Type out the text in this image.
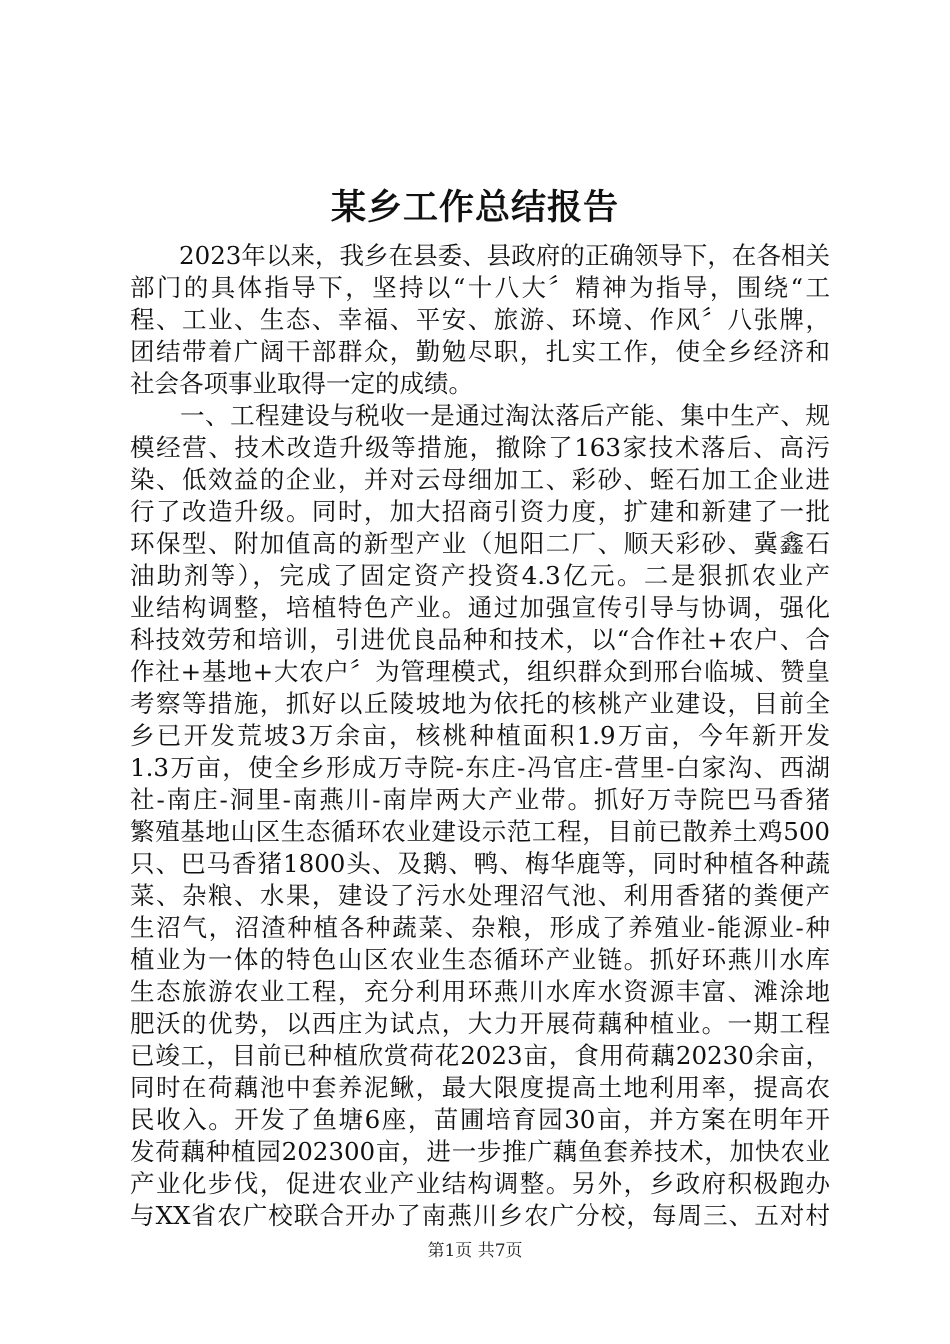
某乡工作总结报告
　　2023年以来，我乡在县委、县政府的正确领导下，在各相关
部门的具体指导下，坚持以“十八大〞精神为指导，围绕“工
程、工业、生态、幸福、平安、旅游、环境、作风〞八张牌，
团结带着广阔干部群众，勤勉尽职，扎实工作，使全乡经济和
社会各项事业取得一定的成绩。
　　一、工程建设与税收一是通过淘汰落后产能、集中生产、规
模经营、技术改造升级等措施，撤除了163家技术落后、高污
染、低效益的企业，并对云母细加工、彩砂、蛭石加工企业进
行了改造升级。同时，加大招商引资力度，扩建和新建了一批
环保型、附加值高的新型产业（旭阳二厂、顺天彩砂、冀鑫石
油助剂等），完成了固定资产投资4.3亿元。二是狠抓农业产
业结构调整，培植特色产业。通过加强宣传引导与协调，强化
科技效劳和培训，引进优良品种和技术，以“合作社+农户、合
作社+基地+大农户〞为管理模式，组织群众到邢台临城、赞皇
考察等措施，抓好以丘陵坡地为依托的核桃产业建设，目前全
乡已开发荒坡3万余亩，核桃种植面积1.9万亩，今年新开发
1.3万亩，使全乡形成万寺院-东庄-冯官庄-营里-白家沟、西湖
社-南庄-洞里-南燕川-南岸两大产业带。抓好万寺院巴马香猪
繁殖基地山区生态循环农业建设示范工程，目前已散养土鸡500
只、巴马香猪1800头、及鹅、鸭、梅华鹿等，同时种植各种蔬
菜、杂粮、水果，建设了污水处理沼气池、利用香猪的粪便产
生沼气，沼渣种植各种蔬菜、杂粮，形成了养殖业-能源业-种
植业为一体的特色山区农业生态循环产业链。抓好环燕川水库
生态旅游农业工程，充分利用环燕川水库水资源丰富、滩涂地
肥沃的优势，以西庄为试点，大力开展荷藕种植业。一期工程
已竣工，目前已种植欣赏荷花2023亩，食用荷藕20230余亩，
同时在荷藕池中套养泥鳅，最大限度提高土地利用率，提高农
民收入。开发了鱼塘6座，苗圃培育园30亩，并方案在明年开
发荷藕种植园202300亩，进一步推广藕鱼套养技术，加快农业
产业化步伐，促进农业产业结构调整。另外，乡政府积极跑办
与XX省农广校联合开办了南燕川乡农广分校，每周三、五对村
第1页 共7页
